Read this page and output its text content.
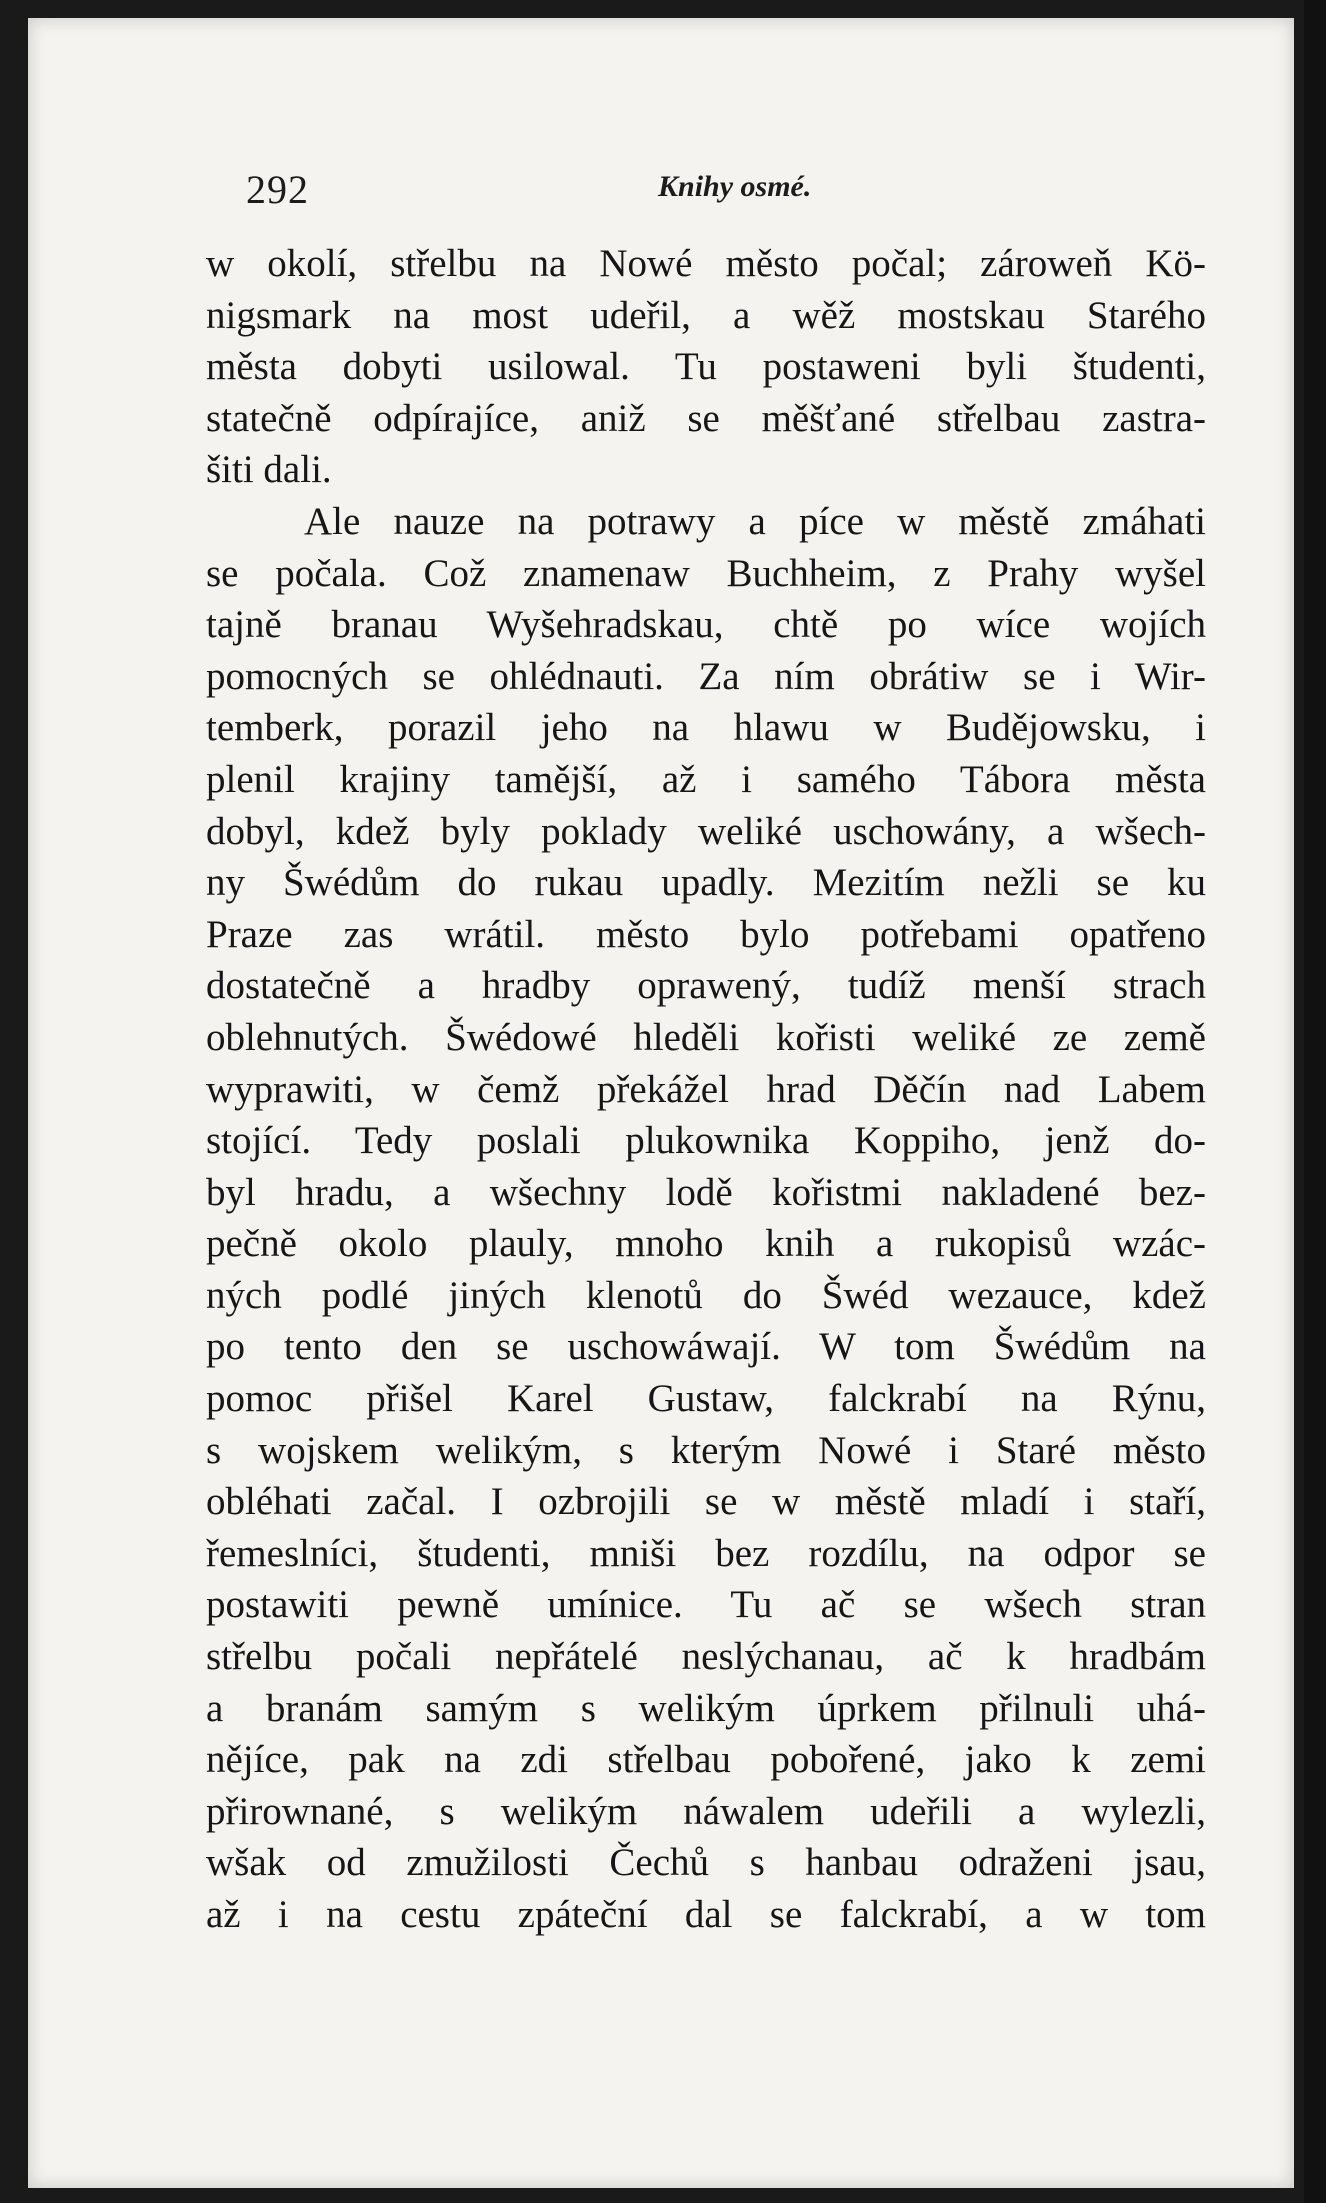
292	Knihy osmé.
w okolí, střelbu na Nowé město počal; zároweň Kö-
nigsmark na most udeřil, a wěž mostskau Starého
města dobyti usilowal. Tu postaweni byli študenti,
statečně odpírajíce, aniž se měšťané střelbau zastra-
šiti dali.
Ale nauze na potrawy a píce w městě zmáhati
se počala. Což znamenaw Buchheim, z Prahy wyšel
tajně branau Wyšehradskau, chtě po wíce wojích
pomocných se ohlédnauti. Za ním obrátiw se i Wir-
temberk, porazil jeho na hlawu w Budějowsku, i
plenil krajiny tamější, až i samého Tábora města
dobyl, kdež byly poklady weliké uschowány, a wšech-
ny Šwédům do rukau upadly. Mezitím nežli se ku
Praze zas wrátil. město bylo potřebami opatřeno
dostatečně a hradby oprawený, tudíž menší strach
oblehnutých. Šwédowé hleděli kořisti weliké ze země
wyprawiti, w čemž překážel hrad Děčín nad Labem
stojící. Tedy poslali plukownika Koppiho, jenž do-
byl hradu, a wšechny lodě kořistmi nakladené bez-
pečně okolo plauly, mnoho knih a rukopisů wzác-
ných podlé jiných klenotů do Šwéd wezauce, kdež
po tento den se uschowáwají. W tom Šwédům na
pomoc přišel Karel Gustaw, falckrabí na Rýnu,
s wojskem welikým, s kterým Nowé i Staré město
obléhati začal. I ozbrojili se w městě mladí i staří,
řemeslníci, študenti, mniši bez rozdílu, na odpor se
postawiti pewně umínice. Tu ač se wšech stran
střelbu počali nepřátelé neslýchanau, ač k hradbám
a branám samým s welikým úprkem přilnuli uhá-
nějíce, pak na zdi střelbau pobořené, jako k zemi
přirownané, s welikým náwalem udeřili a wylezli,
wšak od zmužilosti Čechů s hanbau odraženi jsau,
až i na cestu zpáteční dal se falckrabí, a w tom
